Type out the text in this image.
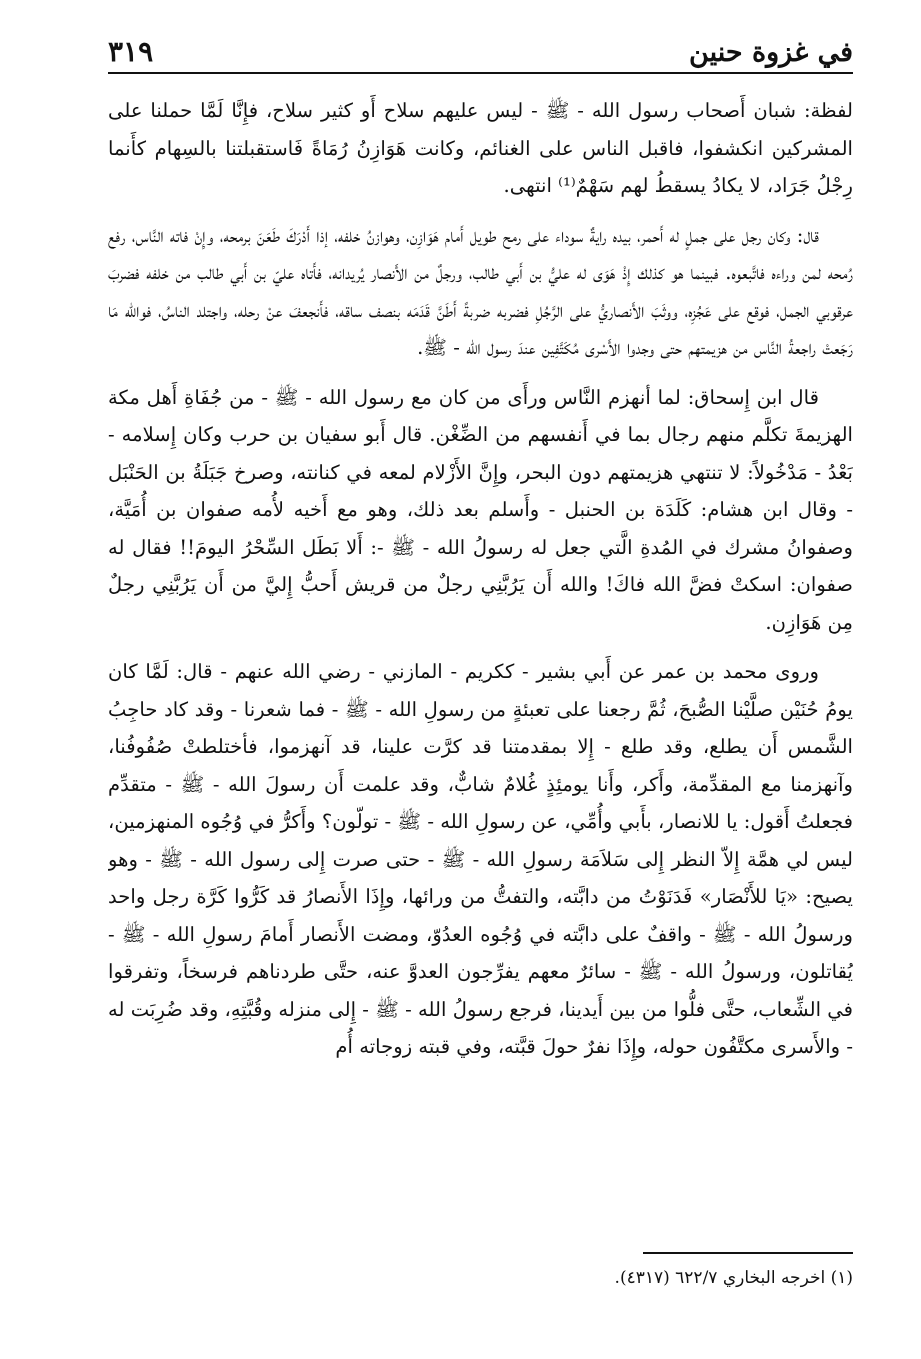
في غزوة حنين
٣١٩

لفظة: شبان أَصحاب رسول الله - ﷺ - ليس عليهم سلاح أَو كثير سلاح، فإِنَّا لَمَّا حملنا على المشركين انكشفوا، فاقبل الناس على الغنائم، وكانت هَوَازِنُ رُمَاةً فَاستقبلتنا بالسِهام كأَنما رِجْلُ جَرَاد، لا يكادُ يسقطُ لهم سَهْمٌ⁽¹⁾ انتهى.

قال: وكان رجل على جملٍ له أَحمر، بيده رايةٌ سوداء على رمح طويل أَمام هَوَازِن، وهوازنُ خلفه، إذا أَدْرَكَ طَعَنَ برمحه، وإِنْ فاته النَّاس، رفع رُمحه لمن وراءه فاتَّبعوه. فبينما هو كذلك إِذْ هَوَى له عليُّ بن أَبي طالب، ورجلٌ من الأَنصار يُريدانه، فأَتاه عليّ بن أَبي طالب من خلفه فضربَ عرقوبي الجمل، فوقع على عَجُزِه، ووثَبَ الأَنصاريُّ على الرَّجُلِ فضربه ضربةً أَطَنَّ قَدَمَه بنصف ساقه، فأَنجعفَ عنْ رحله، واجتلد الناسُ، فوالله مَا رَجَعتْ راجعةُ النَّاس من هزيمتهم حتى وجدوا الأَسْرى مُكَتَّفِين عندَ رسول الله - ﷺ.

قال ابن إِسحاق: لما أنهزم النَّاس ورأَى من كان مع رسول الله - ﷺ - من جُفَاةِ أَهل مكة الهزيمةَ تكلَّم منهم رجال بما في أَنفسهم من الضِّغْن. قال أَبو سفيان بن حرب وكان إِسلامه - بَعْدُ - مَدْخُولاً: لا تنتهي هزيمتهم دون البحر، وإِنَّ الأَزْلام لمعه في كنانته، وصرخ جَبَلَةُ بن الحَنْبَل - وقال ابن هشام: كَلَدَة بن الحنبل - وأَسلم بعد ذلك، وهو مع أَخيه لأُمه صفوان بن أُمَيَّة، وصفوانُ مشرك في المُدةِ الَّتي جعل له رسولُ الله - ﷺ -: أَلا بَطَل السِّحْرُ اليومَ!! فقال له صفوان: اسكتْ فضَّ الله فاكَ! والله أَن يَرُبَّنِي رجلٌ من قريش أَحبُّ إِليَّ من أَن يَرُبَّنِي رجلٌ مِن هَوَازِن.

وروى محمد بن عمر عن أَبي بشير - ككريم - المازني - رضي الله عنهم - قال: لَمَّا كان يومُ حُنَيْن صلَّيْنا الصُّبحَ، ثُمَّ رجعنا على تعبئةٍ من رسولِ الله - ﷺ - فما شعرنا - وقد كاد حاجِبُ الشَّمس أَن يطلع، وقد طلع - إِلا بمقدمتنا قد كرَّت علينا، قد آنهزموا، فأختلطتْ صُفُوفُنا، وآنهزمنا مع المقدِّمة، وأَكر، وأَنا يومئِذٍ غُلامٌ شابٌّ، وقد علمت أَن رسولَ الله - ﷺ - متقدِّم فجعلتُ أَقول: يا للانصار، بأَبي وأُمِّي، عن رسولِ الله - ﷺ - تولّون؟ وأَكرُّ في وُجُوه المنهزمين، ليس لي همَّة إِلاّ النظر إِلى سَلاَمَة رسولِ الله - ﷺ - حتى صرت إِلى رسول الله - ﷺ - وهو يصيح: «يَا للأَنْصَار» فَدَنَوْتُ من دابَّته، والتفتُّ من ورائها، وإِذَا الأَنصارُ قد كَرُّوا كَرَّة رجل واحد ورسولُ الله - ﷺ - واقفٌ على دابَّته في وُجُوه العدُوّ، ومضت الأَنصار أَمامَ رسولِ الله - ﷺ - يُقاتلون، ورسولُ الله - ﷺ - سائرٌ معهم يفرِّجون العدوَّ عنه، حتَّى طردناهم فرسخاً، وتفرقوا في الشِّعاب، حتَّى فلُّوا من بين أَيدينا، فرجع رسولُ الله - ﷺ - إِلى منزله وقُبَّتِهِ، وقد ضُرِبَت له - والأَسرى مكتَّفُون حوله، وإِذَا نفرٌ حولَ قبَّته، وفي قبته زوجاته أُم

(١) اخرجه البخاري ٦٢٢/٧ (٤٣١٧).
